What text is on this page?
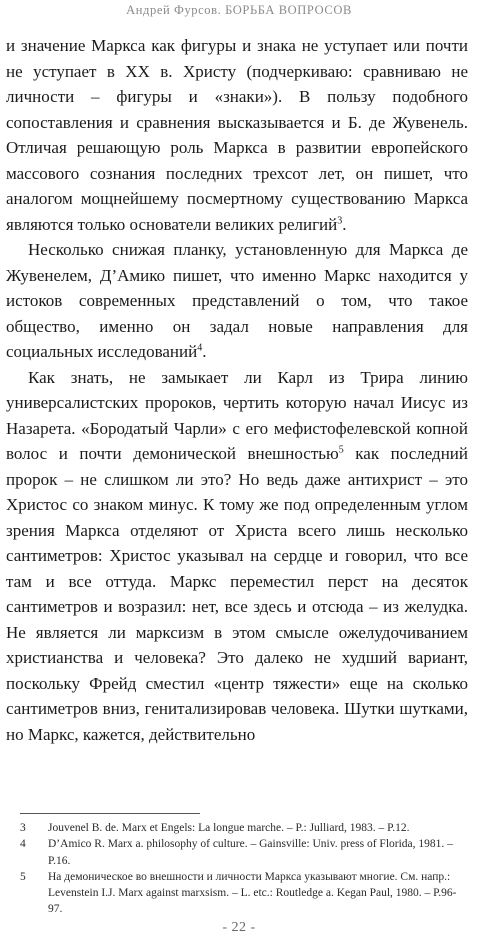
Андрей Фурсов. БОРЬБА ВОПРОСОВ

и значение Маркса как фигуры и знака не уступает или почти не уступает в XX в. Христу (подчеркиваю: сравниваю не личности – фигуры и «знаки»). В пользу подобного сопоставления и сравнения высказывается и Б. де Жувенель. Отличая решающую роль Маркса в развитии европейского массового сознания последних трехсот лет, он пишет, что аналогом мощнейшему посмертному существованию Маркса являются только основатели великих религий$^3$.

Несколько снижая планку, установленную для Маркса де Жувенелем, Д’Амико пишет, что именно Маркс находится у истоков современных представлений о том, что такое общество, именно он задал новые направления для социальных исследований$^4$.

Как знать, не замыкает ли Карл из Трира линию универсалистских пророков, чертить которую начал Иисус из Назарета. «Бородатый Чарли» с его мефистофелевской копной волос и почти демонической внешностью$^5$ как последний пророк – не слишком ли это? Но ведь даже антихрист – это Христос со знаком минус. К тому же под определенным углом зрения Маркса отделяют от Христа всего лишь несколько сантиметров: Христос указывал на сердце и говорил, что все там и все оттуда. Маркс переместил перст на десяток сантиметров и возразил: нет, все здесь и отсюда – из желудка. Не является ли марксизм в этом смысле ожелудочиванием христианства и человека? Это далеко не худший вариант, поскольку Фрейд сместил «центр тяжести» еще на сколько сантиметров вниз, генитализировав человека. Шутки шутками, но Маркс, кажется, действительно

3	Jouvenel B. de. Marx et Engels: La longue marche. – P.: Julliard, 1983. – P.12.
4	D’Amico R. Marx a. philosophy of culture. – Gainsville: Univ. press of Florida, 1981. – P.16.
5	На демоническое во внешности и личности Маркса указывают многие. См. напр.: Levenstein I.J. Marx against marxsism. – L. etc.: Routledge a. Kegan Paul, 1980. – P.96-97.
- 22 -
